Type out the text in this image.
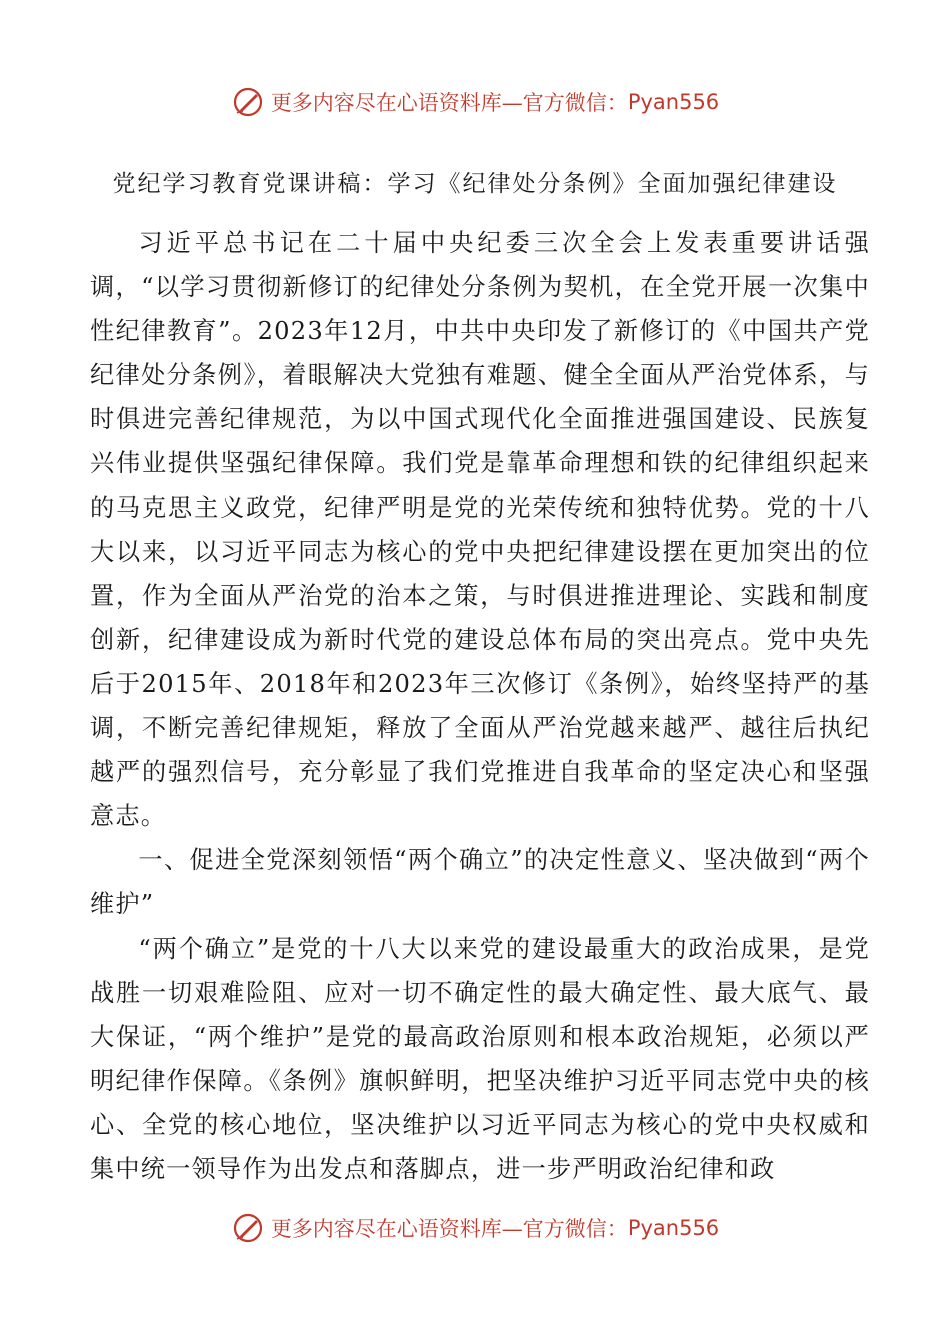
更多内容尽在心语资料库—官方微信： Pyan556
党纪学习教育党课讲稿：学习《纪律处分条例》全面加强纪律建设

习近平总书记在二十届中央纪委三次全会上发表重要讲话强调，“以学习贯彻新修订的纪律处分条例为契机，在全党开展一次集中性纪律教育”。2023年12月，中共中央印发了新修订的《中国共产党纪律处分条例》，着眼解决大党独有难题、健全全面从严治党体系，与时俱进完善纪律规范，为以中国式现代化全面推进强国建设、民族复兴伟业提供坚强纪律保障。我们党是靠革命理想和铁的纪律组织起来的马克思主义政党，纪律严明是党的光荣传统和独特优势。党的十八大以来，以习近平同志为核心的党中央把纪律建设摆在更加突出的位置，作为全面从严治党的治本之策，与时俱进推进理论、实践和制度创新，纪律建设成为新时代党的建设总体布局的突出亮点。党中央先后于2015年、2018年和2023年三次修订《条例》，始终坚持严的基调，不断完善纪律规矩，释放了全面从严治党越来越严、越往后执纪越严的强烈信号，充分彰显了我们党推进自我革命的坚定决心和坚强意志。

一、促进全党深刻领悟“两个确立”的决定性意义、坚决做到“两个维护”

“两个确立”是党的十八大以来党的建设最重大的政治成果，是党战胜一切艰难险阻、应对一切不确定性的最大确定性、最大底气、最大保证，“两个维护”是党的最高政治原则和根本政治规矩，必须以严明纪律作保障。《条例》旗帜鲜明，把坚决维护习近平同志党中央的核心、全党的核心地位，坚决维护以习近平同志为核心的党中央权威和集中统一领导作为出发点和落脚点，进一步严明政治纪律和政

更多内容尽在心语资料库—官方微信： Pyan556
